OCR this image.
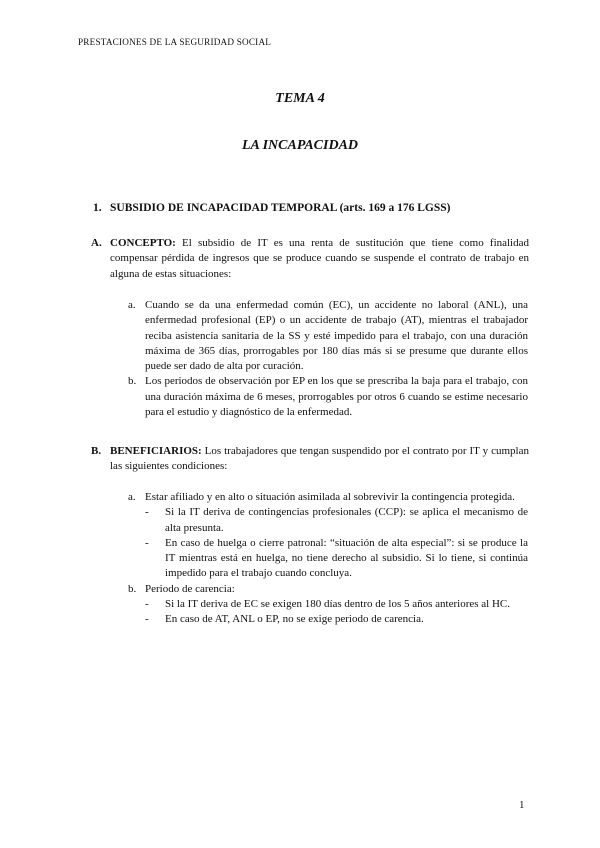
PRESTACIONES DE LA SEGURIDAD SOCIAL
TEMA 4
LA INCAPACIDAD
1. SUBSIDIO DE INCAPACIDAD TEMPORAL (arts. 169 a 176 LGSS)
A. CONCEPTO: El subsidio de IT es una renta de sustitución que tiene como finalidad compensar pérdida de ingresos que se produce cuando se suspende el contrato de trabajo en alguna de estas situaciones:
a. Cuando se da una enfermedad común (EC), un accidente no laboral (ANL), una enfermedad profesional (EP) o un accidente de trabajo (AT), mientras el trabajador reciba asistencia sanitaria de la SS y esté impedido para el trabajo, con una duración máxima de 365 días, prorrogables por 180 días más si se presume que durante ellos puede ser dado de alta por curación.
b. Los periodos de observación por EP en los que se prescriba la baja para el trabajo, con una duración máxima de 6 meses, prorrogables por otros 6 cuando se estime necesario para el estudio y diagnóstico de la enfermedad.
B. BENEFICIARIOS: Los trabajadores que tengan suspendido por el contrato por IT y cumplan las siguientes condiciones:
a. Estar afiliado y en alto o situación asimilada al sobrevivir la contingencia protegida.
- Si la IT deriva de contingencias profesionales (CCP): se aplica el mecanismo de alta presunta.
- En caso de huelga o cierre patronal: “situación de alta especial”: si se produce la IT mientras está en huelga, no tiene derecho al subsidio. Si lo tiene, si continúa impedido para el trabajo cuando concluya.
b. Periodo de carencia:
- Si la IT deriva de EC se exigen 180 días dentro de los 5 años anteriores al HC.
- En caso de AT, ANL o EP, no se exige periodo de carencia.
1
